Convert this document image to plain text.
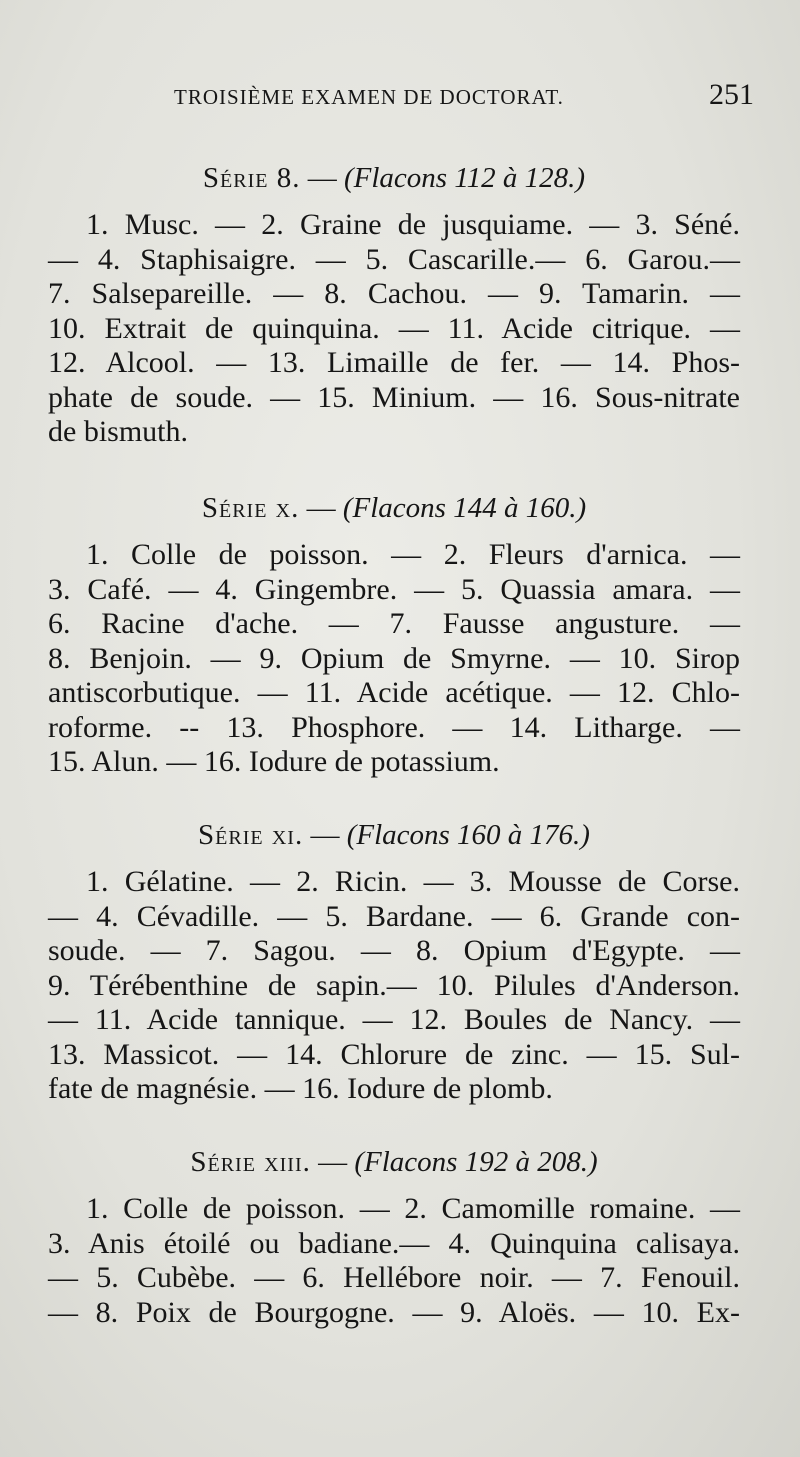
TROISIÈME EXAMEN DE DOCTORAT.	251

Série 8. — (Flacons 112 à 128.)

1. Musc. — 2. Graine de jusquiame. — 3. Séné.

— 4. Staphisaigre. — 5. Cascarille.— 6. Garou.—

7. Salsepareille. — 8. Cachou. — 9. Tamarin. —

10. Extrait de quinquina. — 11. Acide citrique. —

12. Alcool. — 13. Limaille de fer. — 14. Phos-

phate de soude. — 15. Minium. — 16. Sous-nitrate

de bismuth.

Série x. — (Flacons 144 à 160.)

1. Colle de poisson. — 2. Fleurs d'arnica. —

3. Café. — 4. Gingembre. — 5. Quassia amara. —

6. Racine d'ache. — 7. Fausse angusture. —

8. Benjoin. — 9. Opium de Smyrne. — 10. Sirop

antiscorbutique. — 11. Acide acétique. — 12. Chlo-

roforme. -- 13. Phosphore. — 14. Litharge. —

15. Alun. — 16. Iodure de potassium.

Série xi. — (Flacons 160 à 176.)

1. Gélatine. — 2. Ricin. — 3. Mousse de Corse.

— 4. Cévadille. — 5. Bardane. — 6. Grande con-

soude. — 7. Sagou. — 8. Opium d'Egypte. —

9. Térébenthine de sapin.— 10. Pilules d'Anderson.

— 11. Acide tannique. — 12. Boules de Nancy. —

13. Massicot. — 14. Chlorure de zinc. — 15. Sul-

fate de magnésie. — 16. Iodure de plomb.

Série xiii. — (Flacons 192 à 208.)

1. Colle de poisson. — 2. Camomille romaine. —

3. Anis étoilé ou badiane.— 4. Quinquina calisaya.

— 5. Cubèbe. — 6. Hellébore noir. — 7. Fenouil.

— 8. Poix de Bourgogne. — 9. Aloës. — 10. Ex-
